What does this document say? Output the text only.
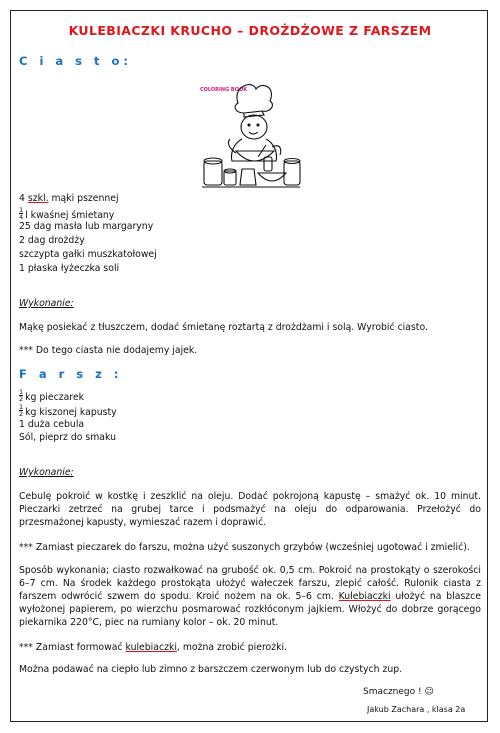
KULEBIACZKI KRUCHO – DROŻDŻOWE Z FARSZEM
C i a s t o:
COLORING BOOK
4 szkl. mąki pszennej
$\frac{1}{4}$ l kwaśnej śmietany
25 dag masła lub margaryny
2 dag drożdży
szczypta gałki muszkatołowej
1 płaska łyżeczka soli
Wykonanie:
Mąkę posiekać z tłuszczem, dodać śmietanę roztartą z drożdżami i solą. Wyrobić ciasto.
*** Do tego ciasta nie dodajemy jajek.
F a r s z :
$\frac{1}{2}$ kg pieczarek
$\frac{1}{2}$ kg kiszonej kapusty
1 duża cebula
Sól, pieprz do smaku
Wykonanie:
Cebulę pokroić w kostkę i zeszklić na oleju. Dodać pokrojoną kapustę – smażyć ok. 10 minut. Pieczarki zetrzeć na grubej tarce i podsmażyć na oleju do odparowania. Przełożyć do przesmażonej kapusty, wymieszać razem i doprawić.
*** Zamiast pieczarek do farszu, można użyć suszonych grzybów (wcześniej ugotować i zmielić).
Sposób wykonania; ciasto rozwałkować na grubość ok. 0,5 cm. Pokroić na prostokąty o szerokości 6–7 cm. Na środek każdego prostokąta ułożyć wałeczek farszu, zlepić całość. Rulonik ciasta z farszem odwrócić szwem do spodu. Kroić nożem na ok. 5–6 cm. Kulebiaczki ułożyć na blaszce wyłożonej papierem, po wierzchu posmarować rozkłóconym jajkiem. Włożyć do dobrze gorącego piekarnika 220°C, piec na rumiany kolor – ok. 20 minut.
*** Zamiast formować kulebiaczki, można zrobić pierożki.
Można podawać na ciepło lub zimno z barszczem czerwonym lub do czystych zup.
Smacznego ! ☺
Jakub Zachara , klasa 2a
